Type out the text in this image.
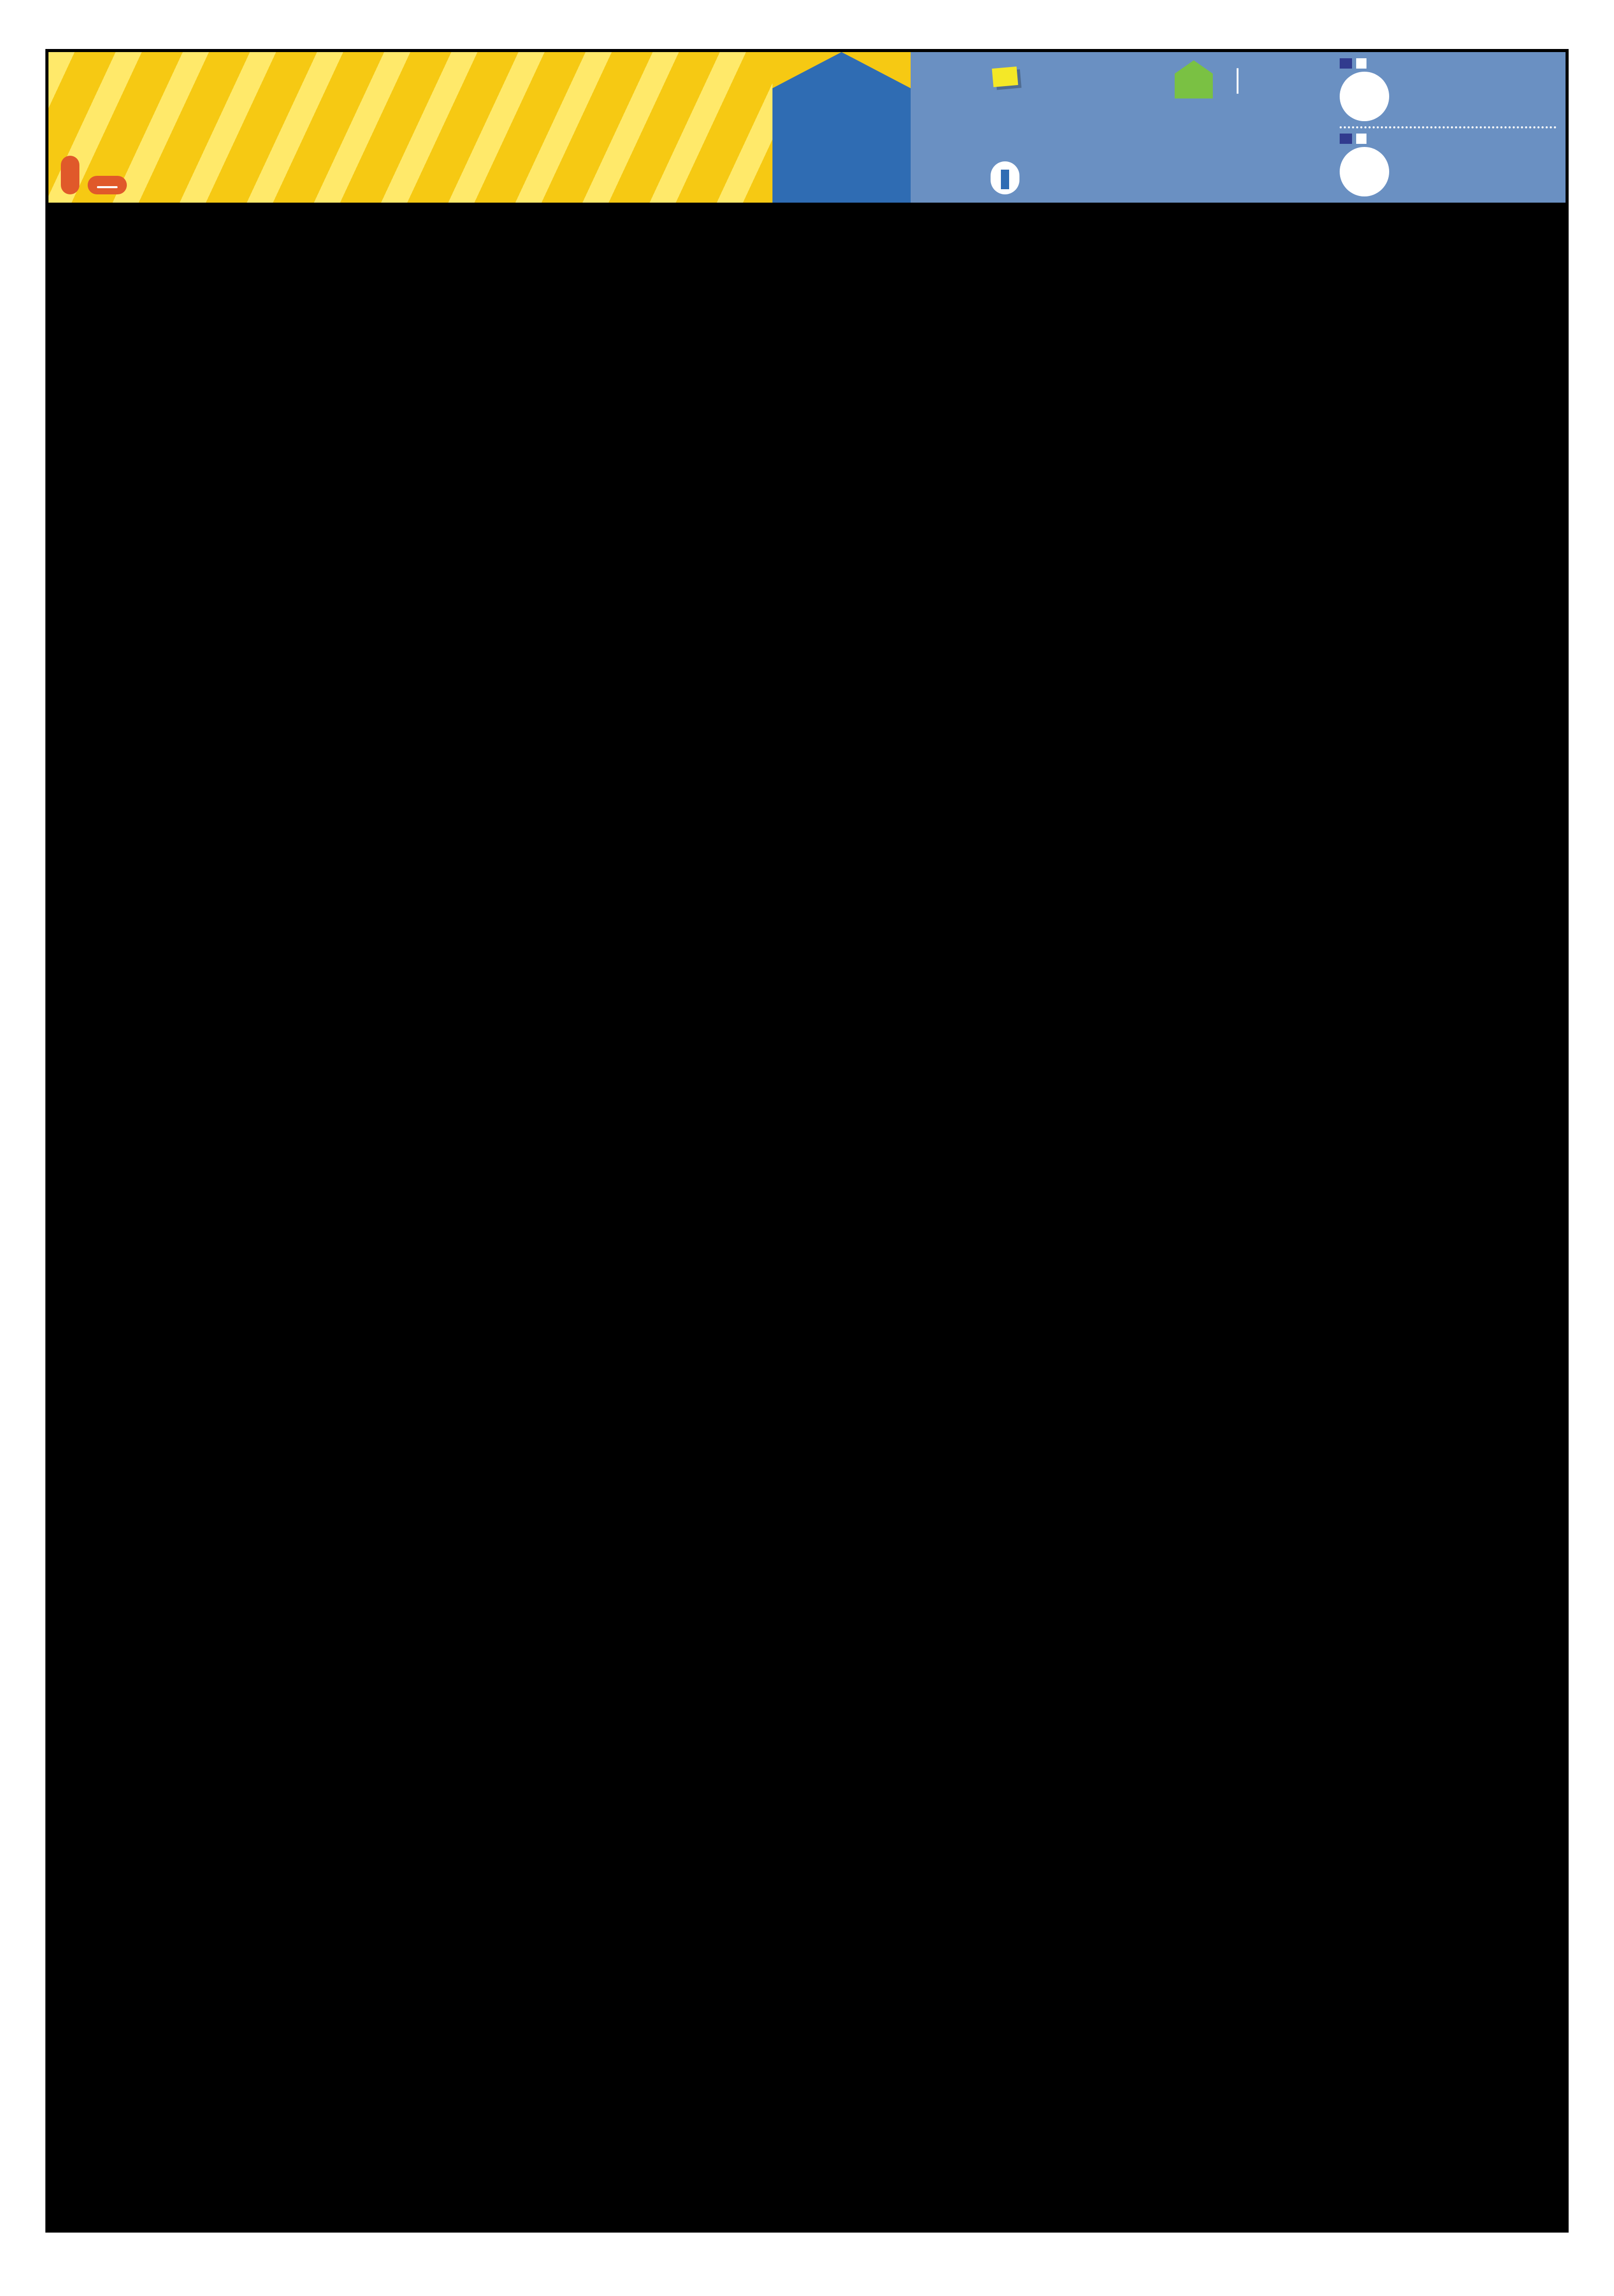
｜
